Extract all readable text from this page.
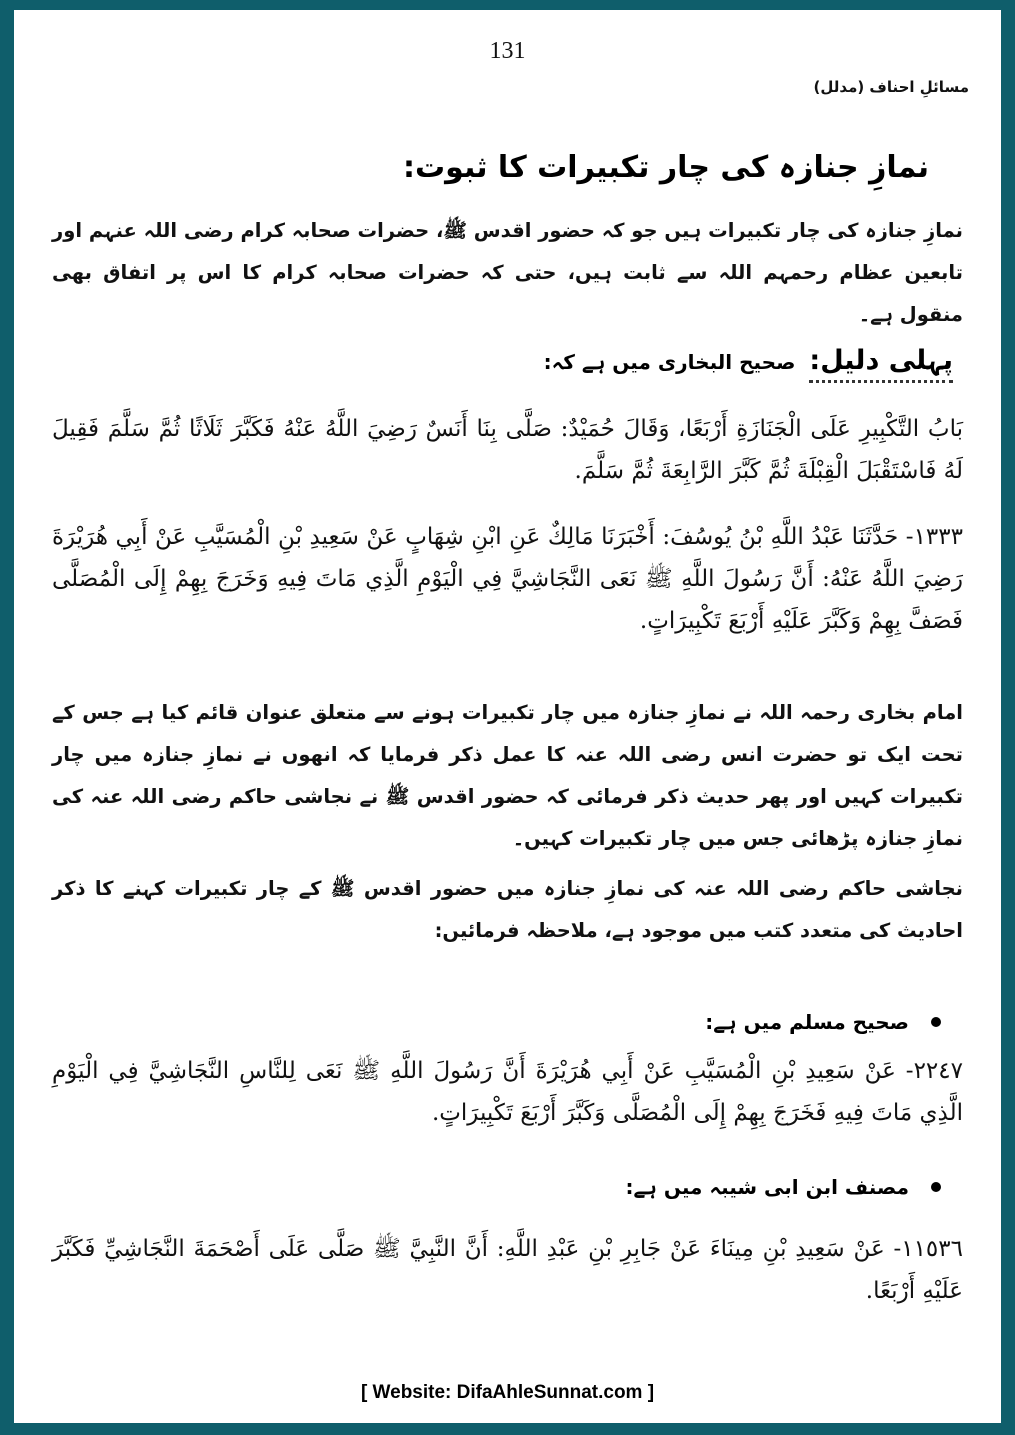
131
مسائلِ احناف (مدلل)
نمازِ جنازہ کی چار تکبیرات کا ثبوت:
نمازِ جنازہ کی چار تکبیرات ہیں جو کہ حضور اقدس ﷺ، حضرات صحابہ کرام رضی اللہ عنہم اور تابعین عظام رحمہم اللہ سے ثابت ہیں، حتی کہ حضرات صحابہ کرام کا اس پر اتفاق بھی منقول ہے۔
پہلی دلیل:
صحیح البخاری میں ہے کہ:
بَابُ التَّكْبِيرِ عَلَى الْجَنَازَةِ أَرْبَعًا، وَقَالَ حُمَيْدٌ: صَلَّى بِنَا أَنَسٌ رَضِيَ اللَّهُ عَنْهُ فَكَبَّرَ ثَلَاثًا ثُمَّ سَلَّمَ فَقِيلَ لَهُ فَاسْتَقْبَلَ الْقِبْلَةَ ثُمَّ كَبَّرَ الرَّابِعَةَ ثُمَّ سَلَّمَ.
١٣٣٣- حَدَّثَنَا عَبْدُ اللَّهِ بْنُ يُوسُفَ: أَخْبَرَنَا مَالِكٌ عَنِ ابْنِ شِهَابٍ عَنْ سَعِيدِ بْنِ الْمُسَيَّبِ عَنْ أَبِي هُرَيْرَةَ رَضِيَ اللَّهُ عَنْهُ: أَنَّ رَسُولَ اللَّهِ ﷺ نَعَى النَّجَاشِيَّ فِي الْيَوْمِ الَّذِي مَاتَ فِيهِ وَخَرَجَ بِهِمْ إِلَى الْمُصَلَّى فَصَفَّ بِهِمْ وَكَبَّرَ عَلَيْهِ أَرْبَعَ تَكْبِيرَاتٍ.
امام بخاری رحمہ اللہ نے نمازِ جنازہ میں چار تکبیرات ہونے سے متعلق عنوان قائم کیا ہے جس کے تحت ایک تو حضرت انس رضی اللہ عنہ کا عمل ذکر فرمایا کہ انھوں نے نمازِ جنازہ میں چار تکبیرات کہیں اور پھر حدیث ذکر فرمائی کہ حضور اقدس ﷺ نے نجاشی حاکم رضی اللہ عنہ کی نمازِ جنازہ پڑھائی جس میں چار تکبیرات کہیں۔
نجاشی حاکم رضی اللہ عنہ کی نمازِ جنازہ میں حضور اقدس ﷺ کے چار تکبیرات کہنے کا ذکر احادیث کی متعدد کتب میں موجود ہے، ملاحظہ فرمائیں:
صحیح مسلم میں ہے:
٢٢٤٧- عَنْ سَعِيدِ بْنِ الْمُسَيَّبِ عَنْ أَبِي هُرَيْرَةَ أَنَّ رَسُولَ اللَّهِ ﷺ نَعَى لِلنَّاسِ النَّجَاشِيَّ فِي الْيَوْمِ الَّذِي مَاتَ فِيهِ فَخَرَجَ بِهِمْ إِلَى الْمُصَلَّى وَكَبَّرَ أَرْبَعَ تَكْبِيرَاتٍ.
مصنف ابن ابی شیبہ میں ہے:
١١٥٣٦- عَنْ سَعِيدِ بْنِ مِينَاءَ عَنْ جَابِرِ بْنِ عَبْدِ اللَّهِ: أَنَّ النَّبِيَّ ﷺ صَلَّى عَلَى أَصْحَمَةَ النَّجَاشِيِّ فَكَبَّرَ عَلَيْهِ أَرْبَعًا.
[ Website: DifaAhleSunnat.com ]
